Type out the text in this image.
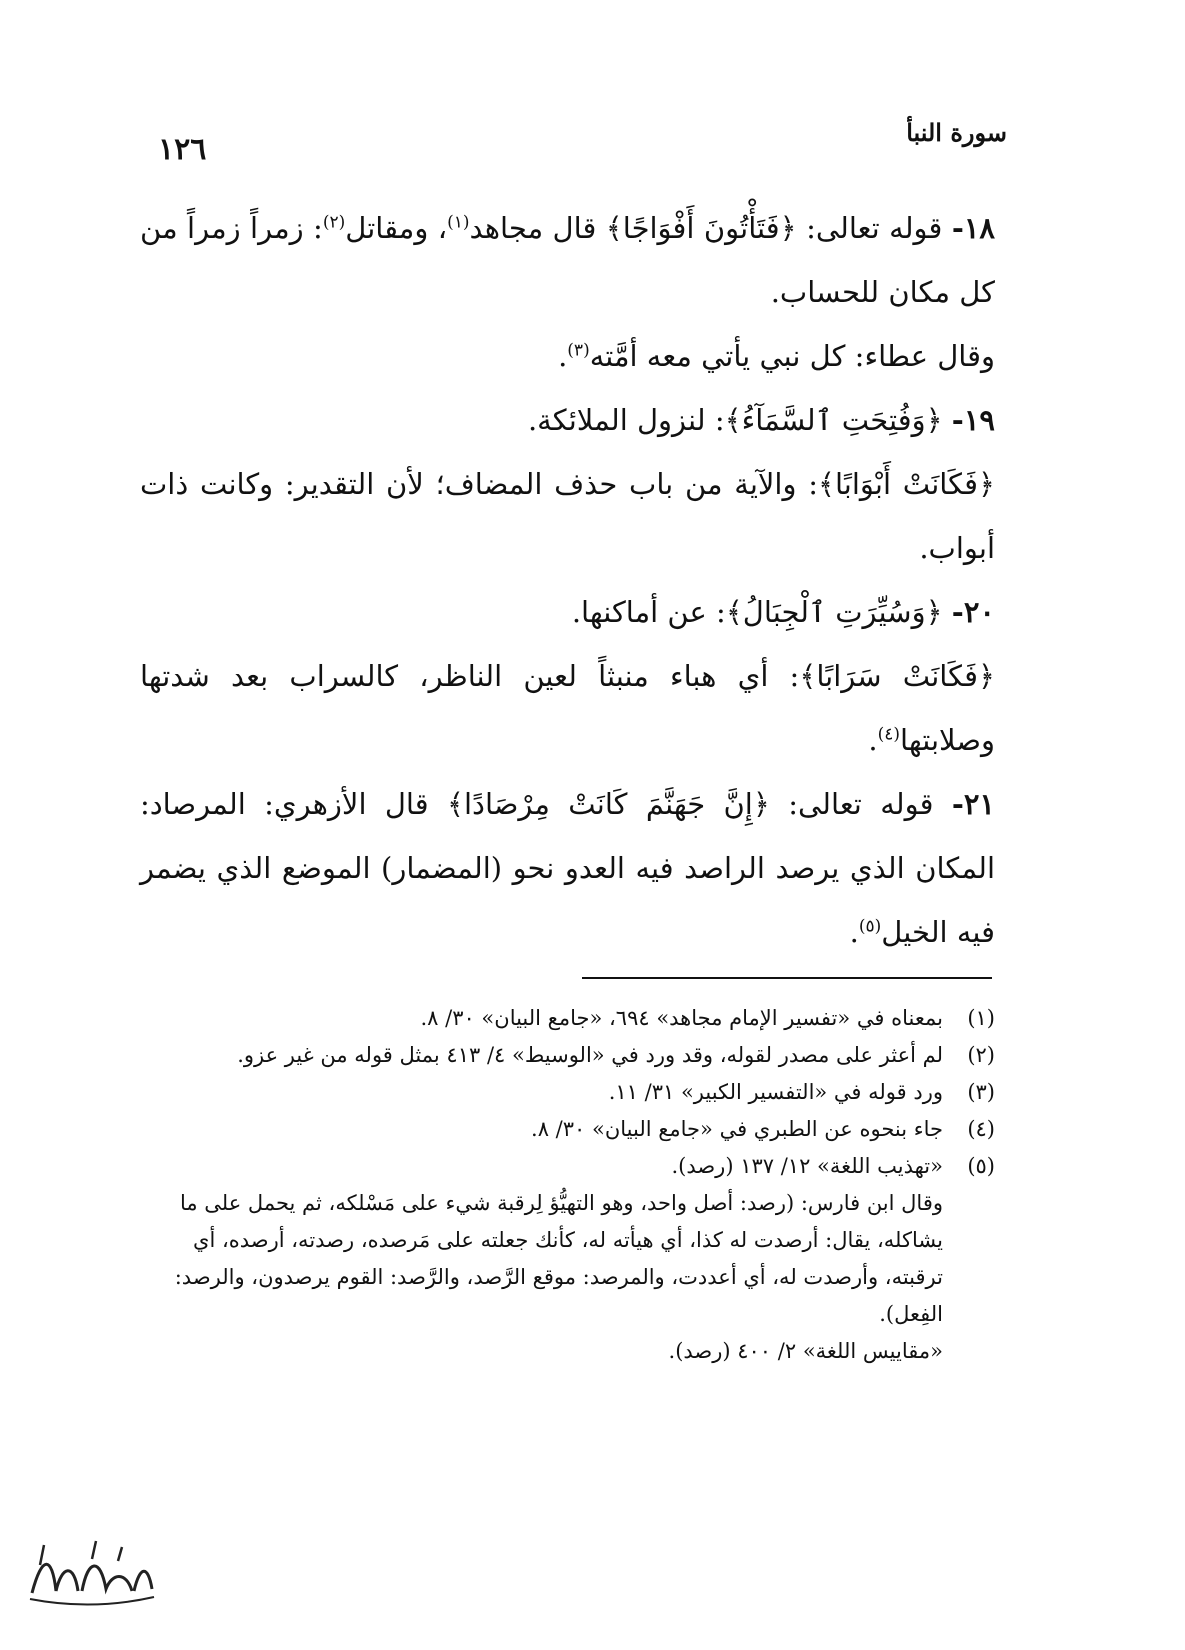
سورة النبأ
١٢٦

١٨- قوله تعالى: ﴿فَتَأْتُونَ أَفْوَاجًا﴾ قال مجاهد$^{(١)}$، ومقاتل$^{(٢)}$: زمراً زمراً من كل مكان للحساب.

وقال عطاء: كل نبي يأتي معه أمَّته$^{(٣)}$.

١٩- ﴿وَفُتِحَتِ ٱلسَّمَآءُ﴾: لنزول الملائكة.

﴿فَكَانَتْ أَبْوَابًا﴾: والآية من باب حذف المضاف؛ لأن التقدير: وكانت ذات أبواب.

٢٠- ﴿وَسُيِّرَتِ ٱلْجِبَالُ﴾: عن أماكنها.

﴿فَكَانَتْ سَرَابًا﴾: أي هباء منبثاً لعين الناظر، كالسراب بعد شدتها وصلابتها$^{(٤)}$.

٢١- قوله تعالى: ﴿إِنَّ جَهَنَّمَ كَانَتْ مِرْصَادًا﴾ قال الأزهري: المرصاد: المكان الذي يرصد الراصد فيه العدو نحو (المضمار) الموضع الذي يضمر فيه الخيل$^{(٥)}$.

(١)
بمعناه في «تفسير الإمام مجاهد» ٦٩٤، «جامع البيان» ٣٠/ ٨.
(٢)
لم أعثر على مصدر لقوله، وقد ورد في «الوسيط» ٤/ ٤١٣ بمثل قوله من غير عزو.
(٣)
ورد قوله في «التفسير الكبير» ٣١/ ١١.
(٤)
جاء بنحوه عن الطبري في «جامع البيان» ٣٠/ ٨.
(٥)
«تهذيب اللغة» ١٢/ ١٣٧ (رصد).
وقال ابن فارس: (رصد: أصل واحد، وهو التهيُّؤ لِرقبة شيء على مَسْلكه، ثم يحمل على ما يشاكله، يقال: أرصدت له كذا، أي هيأته له، كأنك جعلته على مَرصده، رصدته، أرصده، أي ترقبته، وأرصدت له، أي أعددت، والمرصد: موقع الرَّصد، والرَّصد: القوم يرصدون، والرصد: الفِعل).
«مقاييس اللغة» ٢/ ٤٠٠ (رصد).
